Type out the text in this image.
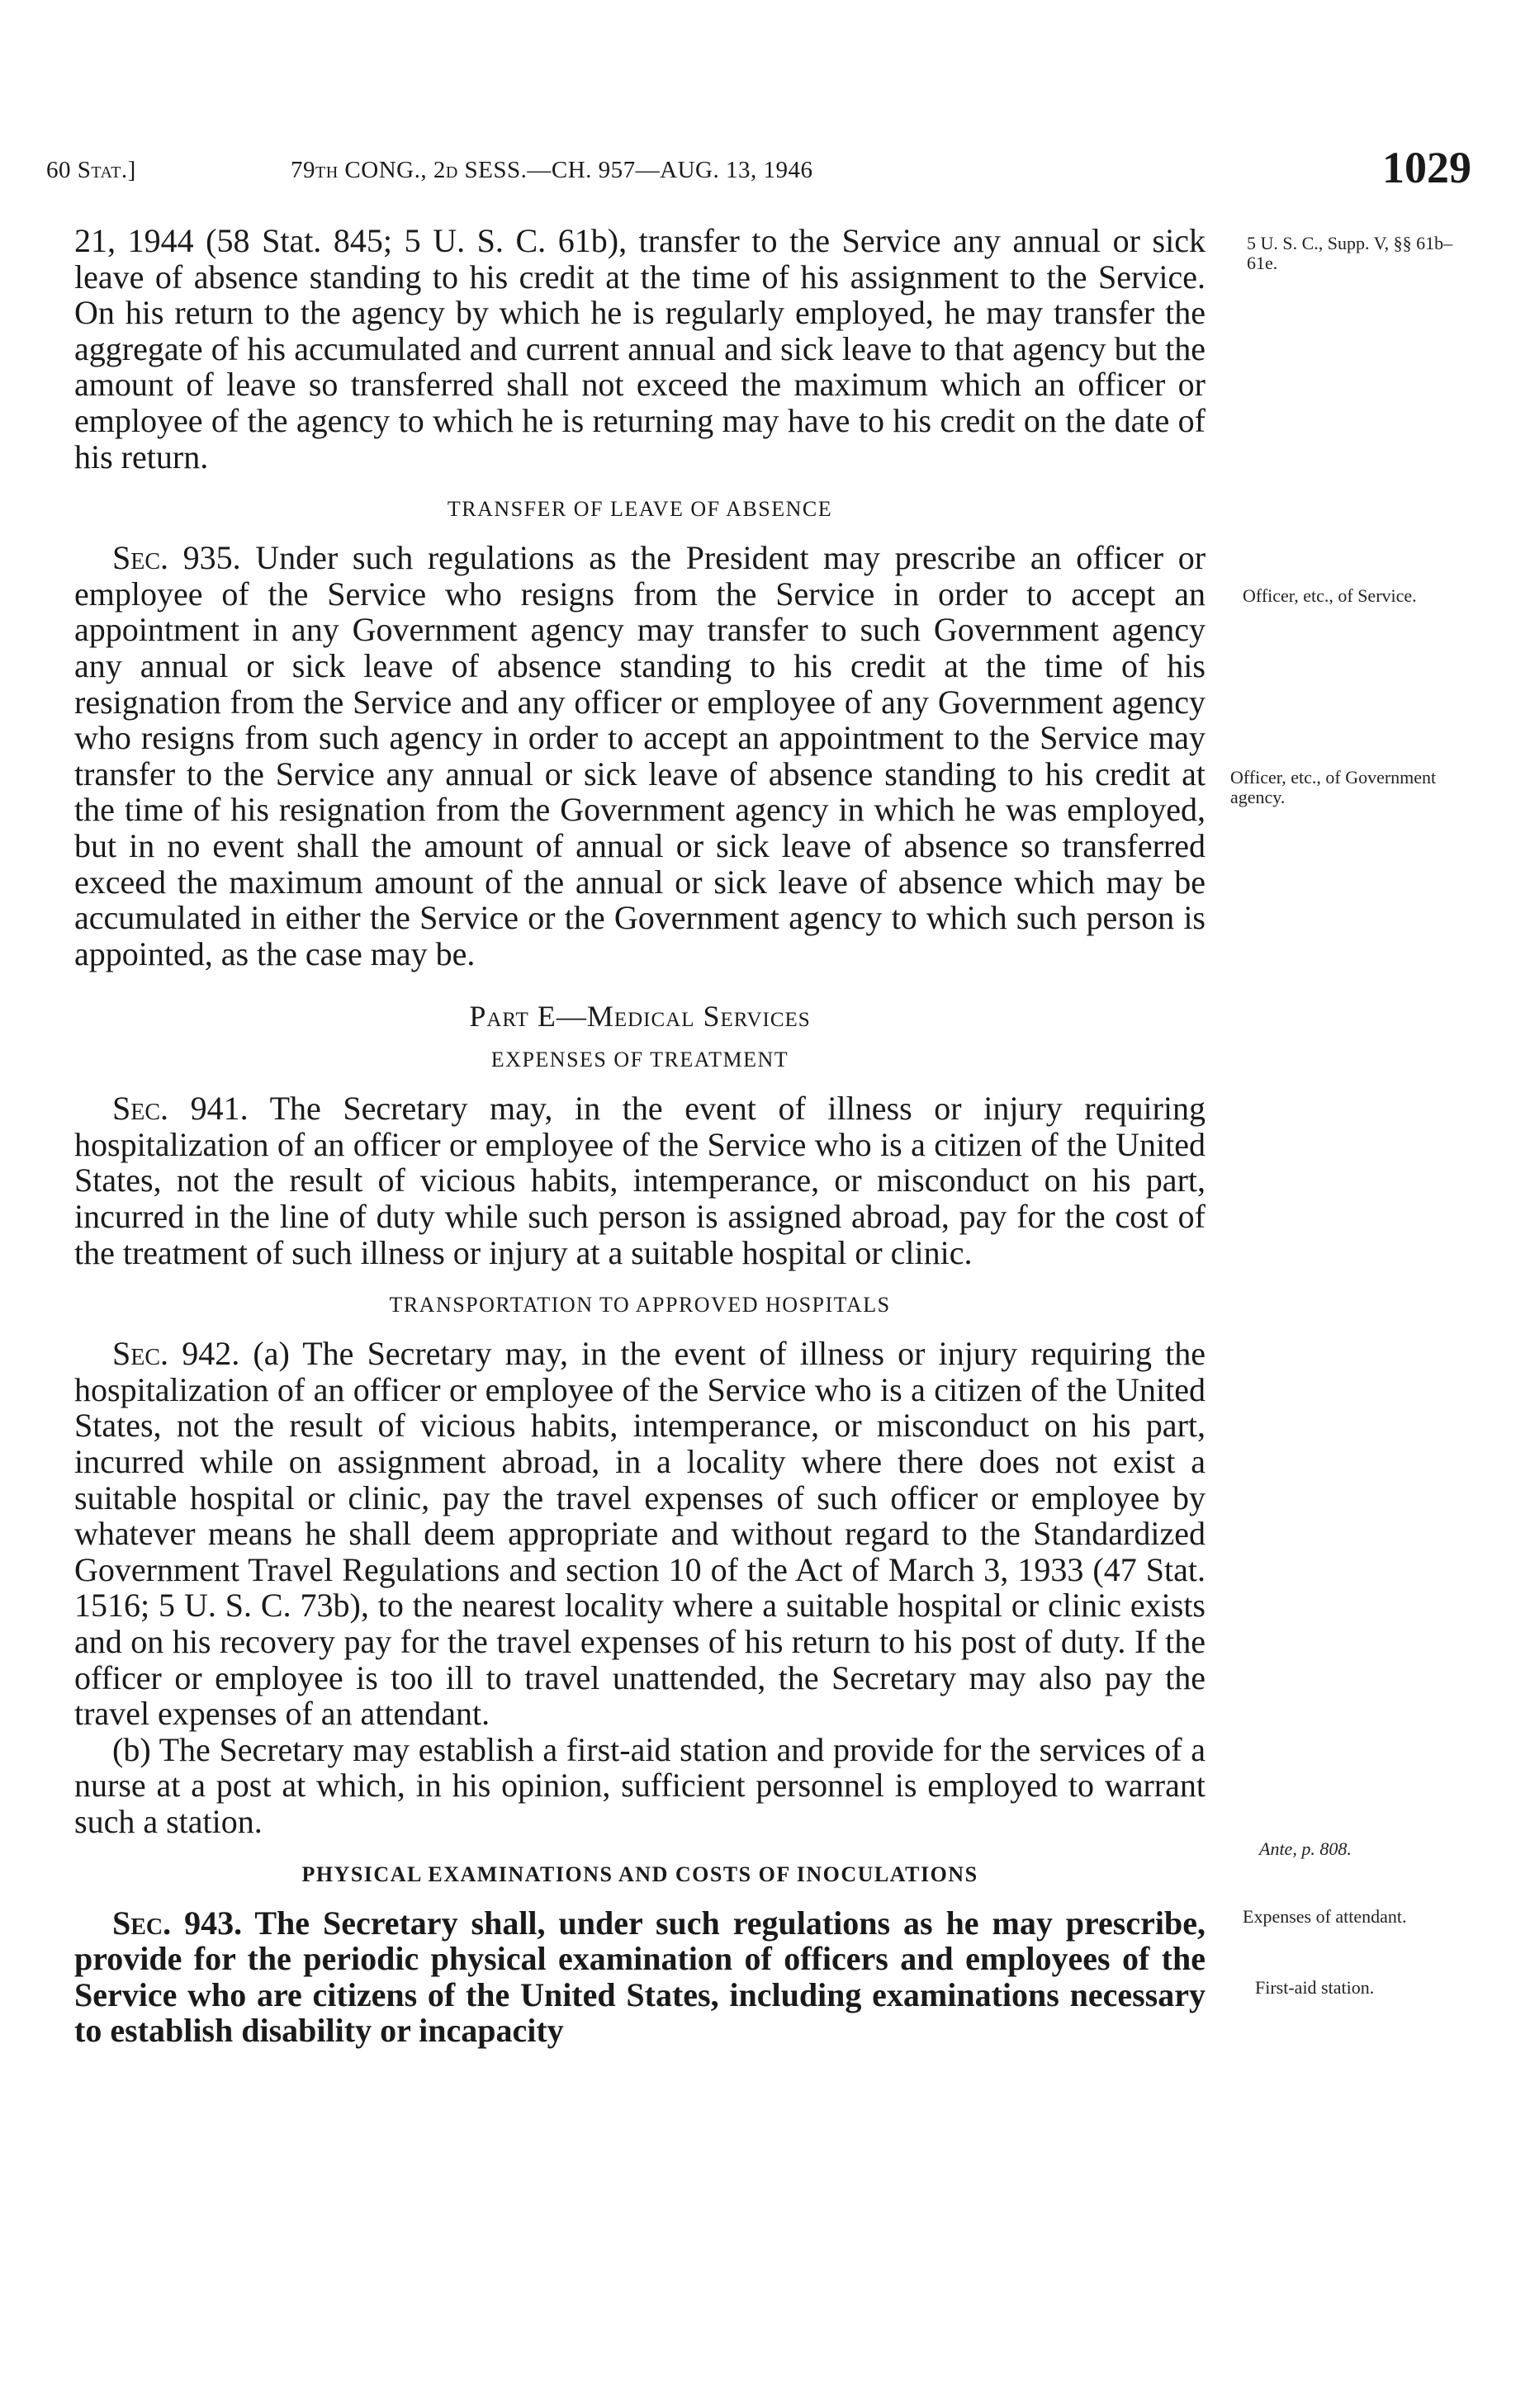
60 Stat.]	79th CONG., 2d SESS.—CH. 957—AUG. 13, 1946	1029

21, 1944 (58 Stat. 845; 5 U. S. C. 61b), transfer to the Service any annual or sick leave of absence standing to his credit at the time of his assignment to the Service. On his return to the agency by which he is regularly employed, he may transfer the aggregate of his accumulated and current annual and sick leave to that agency but the amount of leave so transferred shall not exceed the maximum which an officer or employee of the agency to which he is returning may have to his credit on the date of his return.

TRANSFER OF LEAVE OF ABSENCE

Sec. 935. Under such regulations as the President may prescribe an officer or employee of the Service who resigns from the Service in order to accept an appointment in any Government agency may transfer to such Government agency any annual or sick leave of absence standing to his credit at the time of his resignation from the Service and any officer or employee of any Government agency who resigns from such agency in order to accept an appointment to the Service may transfer to the Service any annual or sick leave of absence standing to his credit at the time of his resignation from the Government agency in which he was employed, but in no event shall the amount of annual or sick leave of absence so transferred exceed the maximum amount of the annual or sick leave of absence which may be accumulated in either the Service or the Government agency to which such person is appointed, as the case may be.

Part E—Medical Services
EXPENSES OF TREATMENT

Sec. 941. The Secretary may, in the event of illness or injury requiring hospitalization of an officer or employee of the Service who is a citizen of the United States, not the result of vicious habits, intemperance, or misconduct on his part, incurred in the line of duty while such person is assigned abroad, pay for the cost of the treatment of such illness or injury at a suitable hospital or clinic.

TRANSPORTATION TO APPROVED HOSPITALS

Sec. 942. (a) The Secretary may, in the event of illness or injury requiring the hospitalization of an officer or employee of the Service who is a citizen of the United States, not the result of vicious habits, intemperance, or misconduct on his part, incurred while on assignment abroad, in a locality where there does not exist a suitable hospital or clinic, pay the travel expenses of such officer or employee by whatever means he shall deem appropriate and without regard to the Standardized Government Travel Regulations and section 10 of the Act of March 3, 1933 (47 Stat. 1516; 5 U. S. C. 73b), to the nearest locality where a suitable hospital or clinic exists and on his recovery pay for the travel expenses of his return to his post of duty. If the officer or employee is too ill to travel unattended, the Secretary may also pay the travel expenses of an attendant.

(b) The Secretary may establish a first-aid station and provide for the services of a nurse at a post at which, in his opinion, sufficient personnel is employed to warrant such a station.

PHYSICAL EXAMINATIONS AND COSTS OF INOCULATIONS

Sec. 943. The Secretary shall, under such regulations as he may prescribe, provide for the periodic physical examination of officers and employees of the Service who are citizens of the United States, including examinations necessary to establish disability or incapacity

5 U. S. C., Supp. V, §§ 61b–61e.
Officer, etc., of Service.
Officer, etc., of Government agency.
Ante, p. 808.
Expenses of attendant.
First-aid station.
